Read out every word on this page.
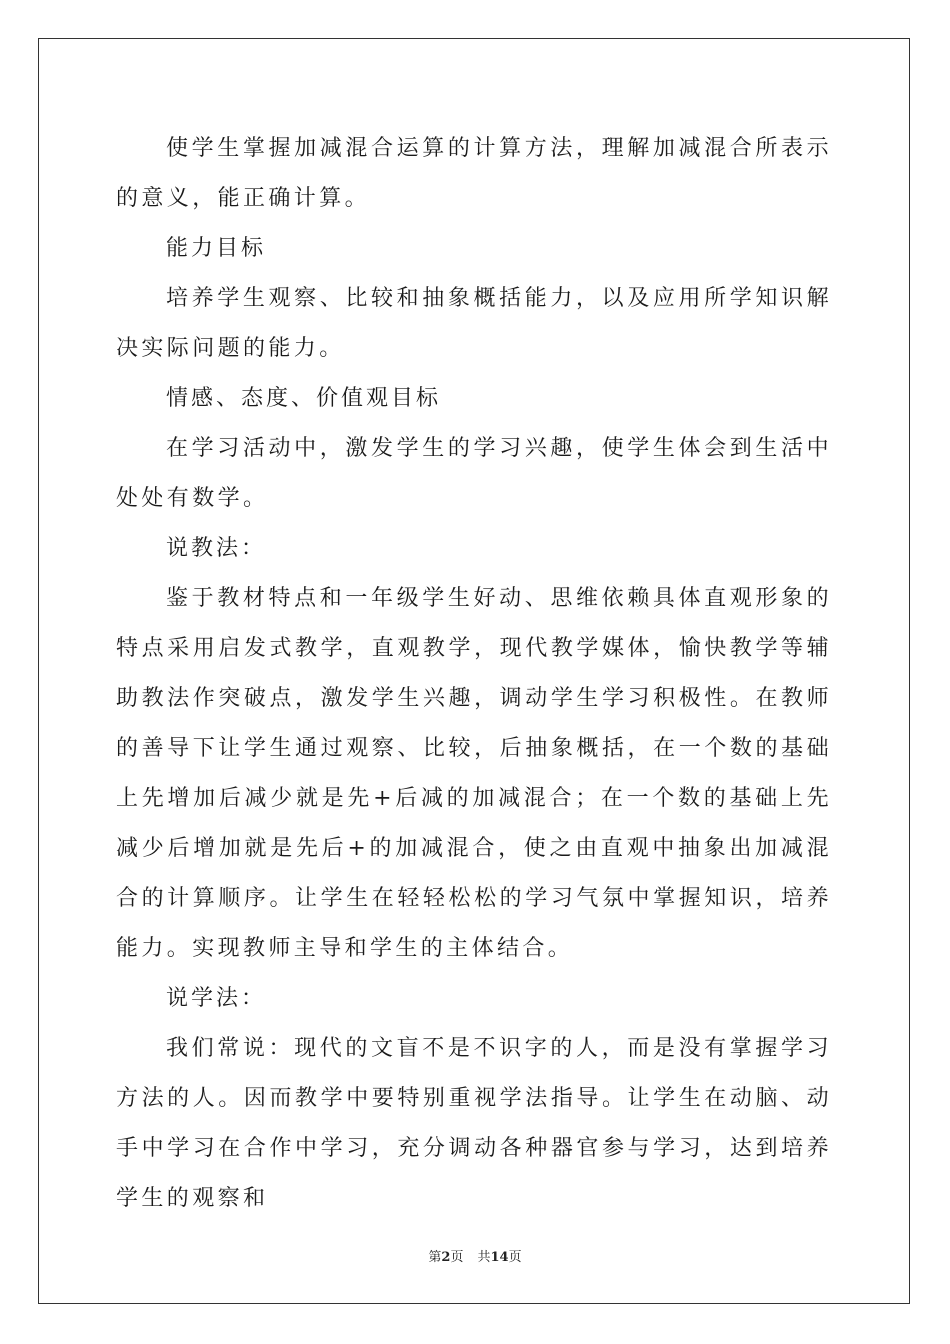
使学生掌握加减混合运算的计算方法，理解加减混合所表示的意义，能正确计算。

能力目标

培养学生观察、比较和抽象概括能力，以及应用所学知识解决实际问题的能力。

情感、态度、价值观目标

在学习活动中，激发学生的学习兴趣，使学生体会到生活中处处有数学。

说教法：

鉴于教材特点和一年级学生好动、思维依赖具体直观形象的特点采用启发式教学，直观教学，现代教学媒体，愉快教学等辅助教法作突破点，激发学生兴趣，调动学生学习积极性。在教师的善导下让学生通过观察、比较，后抽象概括，在一个数的基础上先增加后减少就是先+后减的加减混合；在一个数的基础上先减少后增加就是先后+的加减混合，使之由直观中抽象出加减混合的计算顺序。让学生在轻轻松松的学习气氛中掌握知识，培养能力。实现教师主导和学生的主体结合。

说学法：

我们常说：现代的文盲不是不识字的人，而是没有掌握学习方法的人。因而教学中要特别重视学法指导。让学生在动脑、动手中学习在合作中学习，充分调动各种器官参与学习，达到培养学生的观察和

第2页 共14页
